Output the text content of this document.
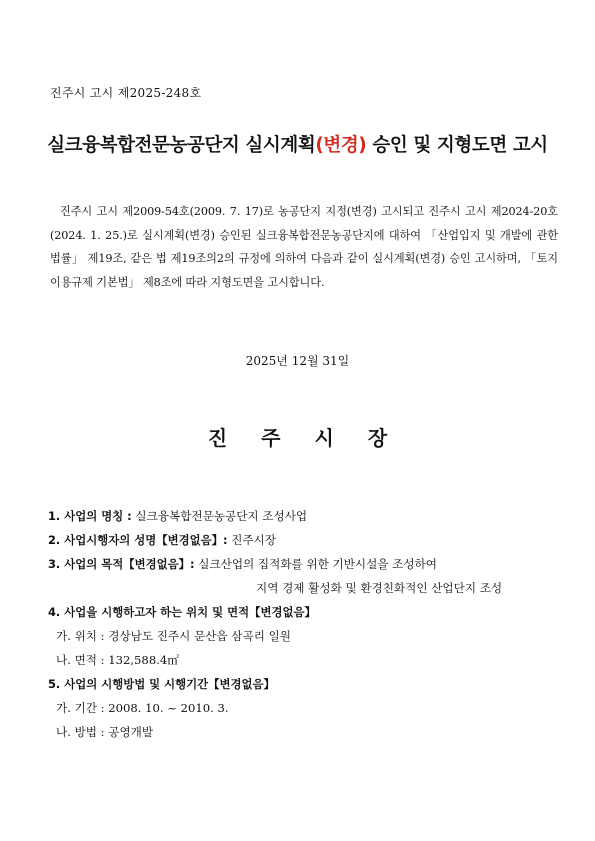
진주시 고시 제2025-248호
실크융복합전문농공단지 실시계획(변경) 승인 및 지형도면 고시

진주시 고시 제2009-54호(2009. 7. 17)로 농공단지 지정(변경) 고시되고 진주시 고시 제2024-20호(2024. 1. 25.)로 실시계획(변경) 승인된 실크융복합전문농공단지에 대하여 「산업입지 및 개발에 관한 법률」 제19조, 같은 법 제19조의2의 규정에 의하여 다음과 같이 실시계획(변경) 승인 고시하며, 「토지이용규제 기본법」 제8조에 따라 지형도면을 고시합니다.

2025년 12월 31일
진주시장
1. 사업의 명칭 : 실크융복합전문농공단지 조성사업
2. 사업시행자의 성명【변경없음】: 진주시장
3. 사업의 목적【변경없음】: 실크산업의 집적화를 위한 기반시설을 조성하여
지역 경제 활성화 및 환경친화적인 산업단지 조성
4. 사업을 시행하고자 하는 위치 및 면적【변경없음】
가. 위치 : 경상남도 진주시 문산읍 삼곡리 일원
나. 면적 : 132,588.4㎡
5. 사업의 시행방법 및 시행기간【변경없음】
가. 기간 : 2008. 10. ~ 2010. 3.
나. 방법 : 공영개발
